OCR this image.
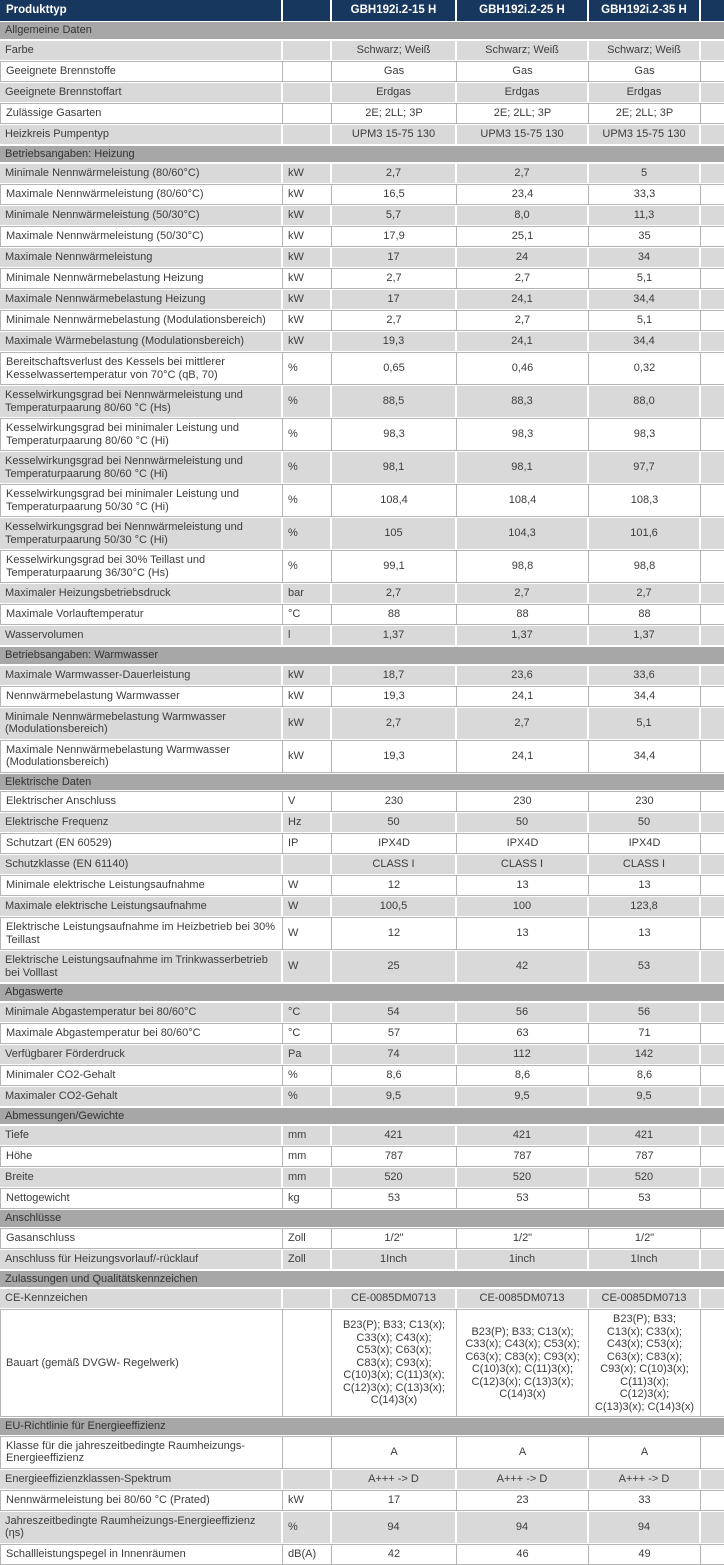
Produkttyp		GBH192i.2-15 H	GBH192i.2-25 H	GBH192i.2-35 H	
Allgemeine Daten					
Farbe		Schwarz; Weiß	Schwarz; Weiß	Schwarz; Weiß	
Geeignete Brennstoffe		Gas	Gas	Gas	
Geeignete Brennstoffart		Erdgas	Erdgas	Erdgas	
Zulässige Gasarten		2E; 2LL; 3P	2E; 2LL; 3P	2E; 2LL; 3P	
Heizkreis Pumpentyp		UPM3 15-75 130	UPM3 15-75 130	UPM3 15-75 130	
Betriebsangaben: Heizung					
Minimale Nennwärmeleistung (80/60°C)	kW	2,7	2,7	5	
Maximale Nennwärmeleistung (80/60°C)	kW	16,5	23,4	33,3	
Minimale Nennwärmeleistung (50/30°C)	kW	5,7	8,0	11,3	
Maximale Nennwärmeleistung (50/30°C)	kW	17,9	25,1	35	
Maximale Nennwärmeleistung	kW	17	24	34	
Minimale Nennwärmebelastung Heizung	kW	2,7	2,7	5,1	
Maximale Nennwärmebelastung Heizung	kW	17	24,1	34,4	
Minimale Nennwärmebelastung (Modulationsbereich)	kW	2,7	2,7	5,1	
Maximale Wärmebelastung (Modulationsbereich)	kW	19,3	24,1	34,4	
Bereitschaftsverlust des Kessels bei mittlerer Kesselwassertemperatur von 70°C (qB, 70)	%	0,65	0,46	0,32	
Kesselwirkungsgrad bei Nennwärmeleistung und Temperaturpaarung 80/60 °C (Hs)	%	88,5	88,3	88,0	
Kesselwirkungsgrad bei minimaler Leistung und Temperaturpaarung 80/60 °C (Hi)	%	98,3	98,3	98,3	
Kesselwirkungsgrad bei Nennwärmeleistung und Temperaturpaarung 80/60 °C (Hi)	%	98,1	98,1	97,7	
Kesselwirkungsgrad bei minimaler Leistung und Temperaturpaarung 50/30 °C (Hi)	%	108,4	108,4	108,3	
Kesselwirkungsgrad bei Nennwärmeleistung und Temperaturpaarung 50/30 °C (Hi)	%	105	104,3	101,6	
Kesselwirkungsgrad bei 30% Teillast und Temperaturpaarung 36/30°C (Hs)	%	99,1	98,8	98,8	
Maximaler Heizungsbetriebsdruck	bar	2,7	2,7	2,7	
Maximale Vorlauftemperatur	°C	88	88	88	
Wasservolumen	l	1,37	1,37	1,37	
Betriebsangaben: Warmwasser					
Maximale Warmwasser-Dauerleistung	kW	18,7	23,6	33,6	
Nennwärmebelastung Warmwasser	kW	19,3	24,1	34,4	
Minimale Nennwärmebelastung Warmwasser (Modulationsbereich)	kW	2,7	2,7	5,1	
Maximale Nennwärmebelastung Warmwasser (Modulationsbereich)	kW	19,3	24,1	34,4	
Elektrische Daten					
Elektrischer Anschluss	V	230	230	230	
Elektrische Frequenz	Hz	50	50	50	
Schutzart (EN 60529)	IP	IPX4D	IPX4D	IPX4D	
Schutzklasse (EN 61140)		CLASS I	CLASS I	CLASS I	
Minimale elektrische Leistungsaufnahme	W	12	13	13	
Maximale elektrische Leistungsaufnahme	W	100,5	100	123,8	
Elektrische Leistungsaufnahme im Heizbetrieb bei 30% Teillast	W	12	13	13	
Elektrische Leistungsaufnahme im Trinkwasserbetrieb bei Volllast	W	25	42	53	
Abgaswerte					
Minimale Abgastemperatur bei 80/60°C	°C	54	56	56	
Maximale Abgastemperatur bei 80/60°C	°C	57	63	71	
Verfügbarer Förderdruck	Pa	74	112	142	
Minimaler CO2-Gehalt	%	8,6	8,6	8,6	
Maximaler CO2-Gehalt	%	9,5	9,5	9,5	
Abmessungen/Gewichte					
Tiefe	mm	421	421	421	
Höhe	mm	787	787	787	
Breite	mm	520	520	520	
Nettogewicht	kg	53	53	53	
Anschlüsse					
Gasanschluss	Zoll	1/2"	1/2"	1/2"	
Anschluss für Heizungsvorlauf/-rücklauf	Zoll	1Inch	1inch	1Inch	
Zulassungen und Qualitätskennzeichen					
CE-Kennzeichen		CE-0085DM0713	CE-0085DM0713	CE-0085DM0713	
Bauart (gemäß DVGW- Regelwerk)		B23(P); B33; C13(x); C33(x); C43(x); C53(x); C63(x); C83(x); C93(x); C(10)3(x); C(11)3(x); C(12)3(x); C(13)3(x); C(14)3(x)	B23(P); B33; C13(x); C33(x); C43(x); C53(x); C63(x); C83(x); C93(x); C(10)3(x); C(11)3(x); C(12)3(x); C(13)3(x); C(14)3(x)	B23(P); B33; C13(x); C33(x); C43(x); C53(x); C63(x); C83(x); C93(x); C(10)3(x); C(11)3(x); C(12)3(x); C(13)3(x); C(14)3(x)	
EU-Richtlinie für Energieeffizienz					
Klasse für die jahreszeitbedingte Raumheizungs-Energieeffizienz		A	A	A	
Energieeffizienzklassen-Spektrum		A+++ -> D	A+++ -> D	A+++ -> D	
Nennwärmeleistung bei 80/60 °C (Prated)	kW	17	23	33	
Jahreszeitbedingte Raumheizungs-Energieeffizienz (ηs)	%	94	94	94	
Schallleistungspegel in Innenräumen	dB(A)	42	46	49	
